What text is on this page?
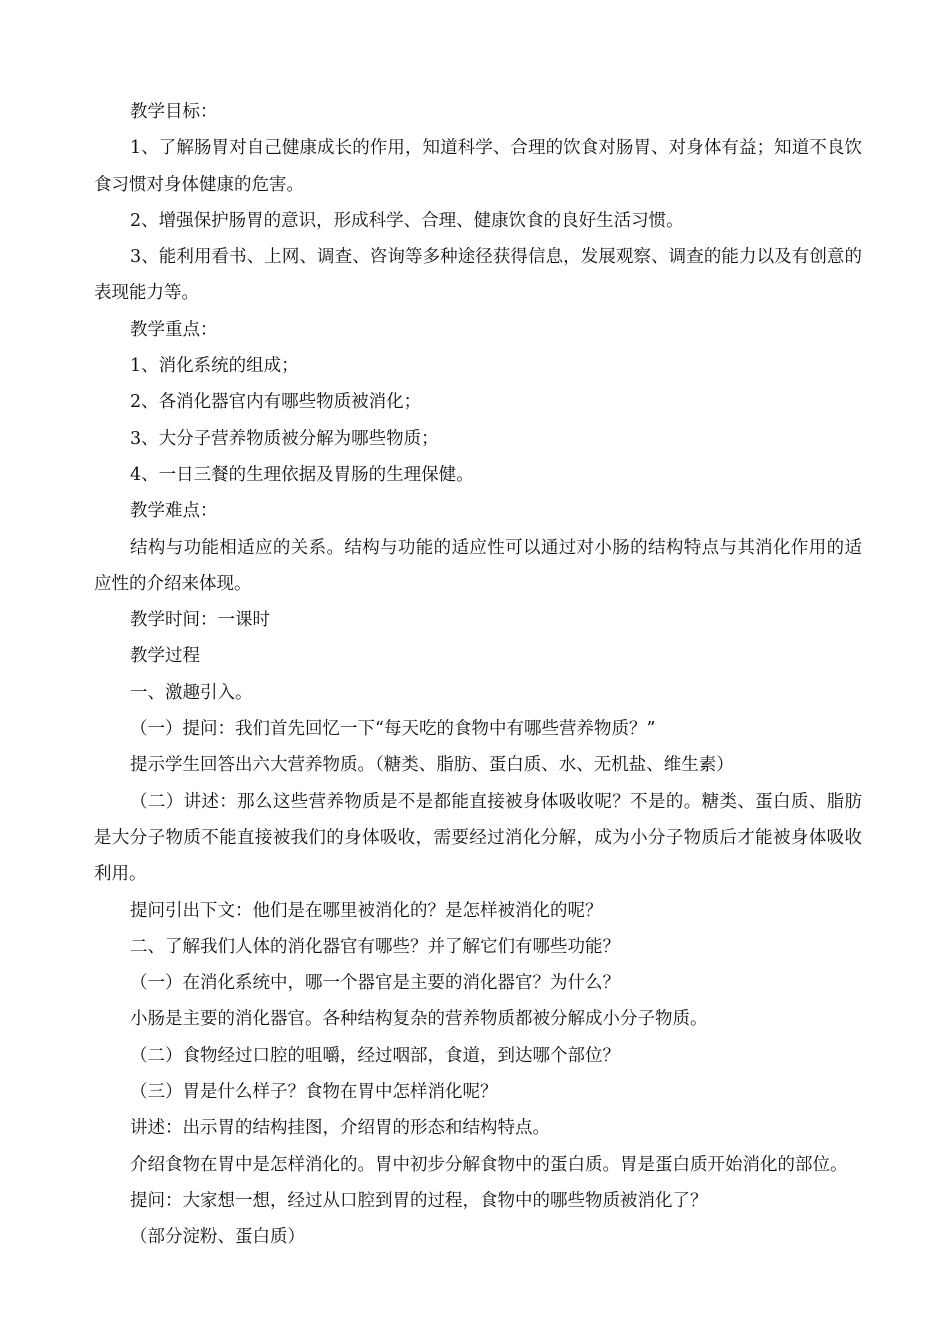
教学目标：

1、了解肠胃对自己健康成长的作用，知道科学、合理的饮食对肠胃、对身体有益；知道不良饮食习惯对身体健康的危害。

2、增强保护肠胃的意识，形成科学、合理、健康饮食的良好生活习惯。

3、能利用看书、上网、调查、咨询等多种途径获得信息，发展观察、调查的能力以及有创意的表现能力等。

教学重点：

1、消化系统的组成；

2、各消化器官内有哪些物质被消化；

3、大分子营养物质被分解为哪些物质；

4、一日三餐的生理依据及胃肠的生理保健。

教学难点：

结构与功能相适应的关系。结构与功能的适应性可以通过对小肠的结构特点与其消化作用的适应性的介绍来体现。

教学时间：一课时

教学过程

一、激趣引入。

（一）提问：我们首先回忆一下“每天吃的食物中有哪些营养物质？”

提示学生回答出六大营养物质。（糖类、脂肪、蛋白质、水、无机盐、维生素）

（二）讲述：那么这些营养物质是不是都能直接被身体吸收呢？不是的。糖类、蛋白质、脂肪是大分子物质不能直接被我们的身体吸收，需要经过消化分解，成为小分子物质后才能被身体吸收利用。

提问引出下文：他们是在哪里被消化的？是怎样被消化的呢？

二、了解我们人体的消化器官有哪些？并了解它们有哪些功能？

（一）在消化系统中，哪一个器官是主要的消化器官？为什么？

小肠是主要的消化器官。各种结构复杂的营养物质都被分解成小分子物质。

（二）食物经过口腔的咀嚼，经过咽部，食道，到达哪个部位？

（三）胃是什么样子？食物在胃中怎样消化呢？

讲述：出示胃的结构挂图，介绍胃的形态和结构特点。

介绍食物在胃中是怎样消化的。胃中初步分解食物中的蛋白质。胃是蛋白质开始消化的部位。

提问：大家想一想，经过从口腔到胃的过程，食物中的哪些物质被消化了？

（部分淀粉、蛋白质）
